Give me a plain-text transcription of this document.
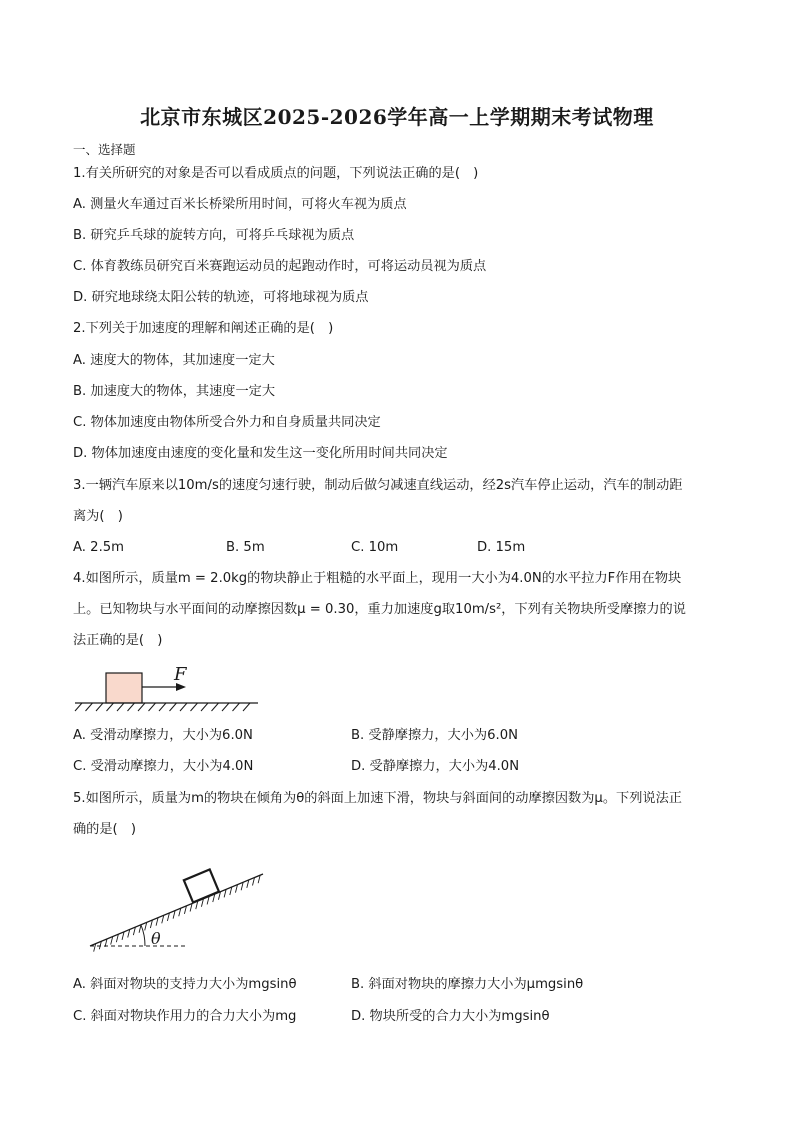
北京市东城区2025-2026学年高一上学期期末考试物理
一、选择题
1.有关所研究的对象是否可以看成质点的问题，下列说法正确的是(　)
A. 测量火车通过百米长桥梁所用时间，可将火车视为质点
B. 研究乒乓球的旋转方向，可将乒乓球视为质点
C. 体育教练员研究百米赛跑运动员的起跑动作时，可将运动员视为质点
D. 研究地球绕太阳公转的轨迹，可将地球视为质点
2.下列关于加速度的理解和阐述正确的是(　)
A. 速度大的物体，其加速度一定大
B. 加速度大的物体，其速度一定大
C. 物体加速度由物体所受合外力和自身质量共同决定
D. 物体加速度由速度的变化量和发生这一变化所用时间共同决定
3.一辆汽车原来以10m/s的速度匀速行驶，制动后做匀减速直线运动，经2s汽车停止运动，汽车的制动距
离为(　)
A. 2.5m	B. 5m	C. 10m	D. 15m
4.如图所示，质量m = 2.0kg的物块静止于粗糙的水平面上，现用一大小为4.0N的水平拉力F作用在物块
上。已知物块与水平面间的动摩擦因数μ = 0.30，重力加速度g取10m/s²，下列有关物块所受摩擦力的说
法正确的是(　)
F
A. 受滑动摩擦力，大小为6.0N	B. 受静摩擦力，大小为6.0N
C. 受滑动摩擦力，大小为4.0N	D. 受静摩擦力，大小为4.0N
5.如图所示，质量为m的物块在倾角为θ的斜面上加速下滑，物块与斜面间的动摩擦因数为μ。下列说法正
确的是(　)
θ
A. 斜面对物块的支持力大小为mgsinθ	B. 斜面对物块的摩擦力大小为μmgsinθ
C. 斜面对物块作用力的合力大小为mg	D. 物块所受的合力大小为mgsinθ
